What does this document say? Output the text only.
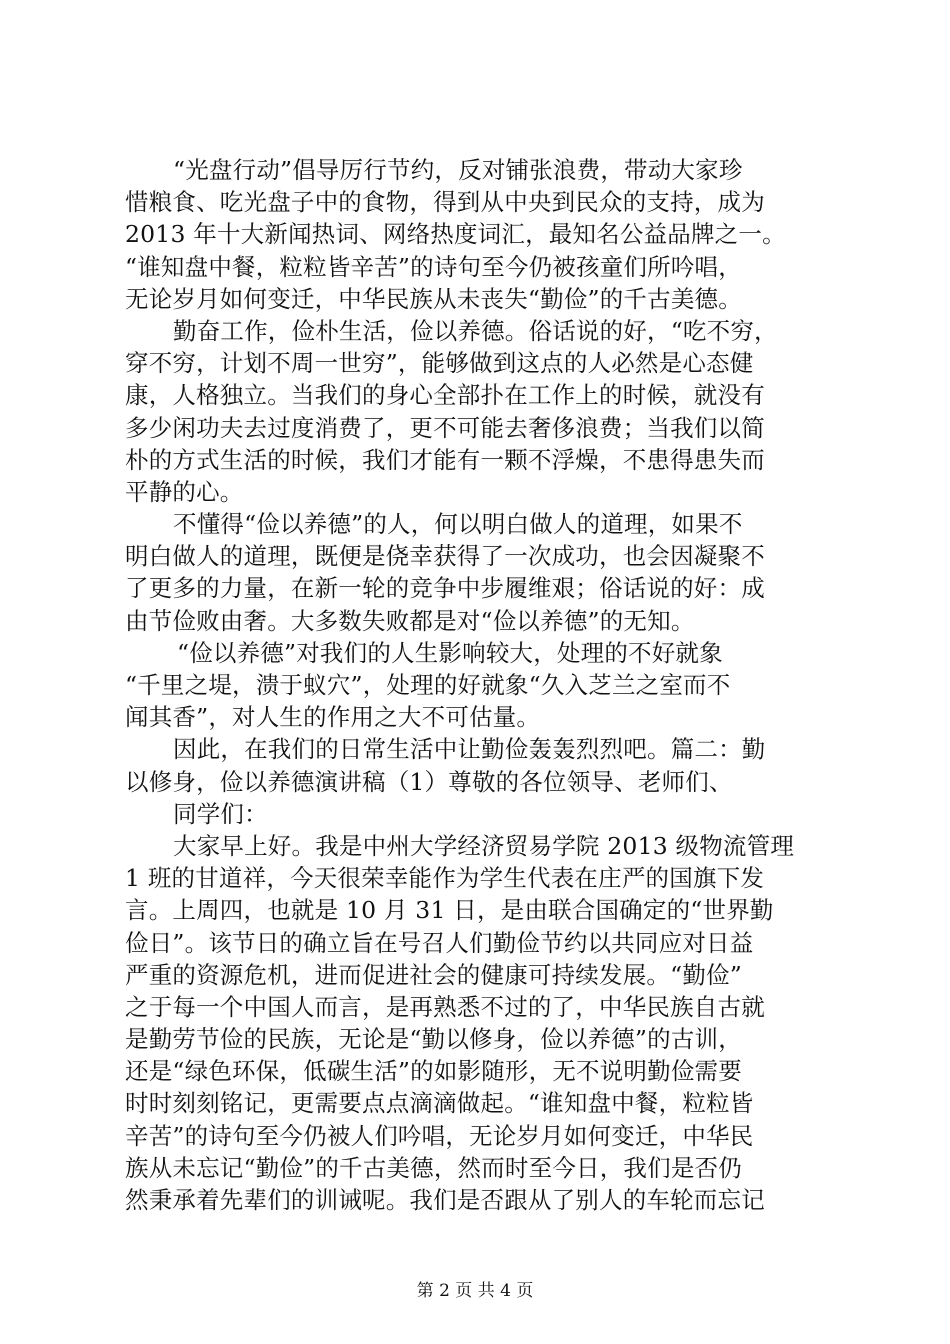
“光盘行动”倡导厉行节约，反对铺张浪费，带动大家珍
惜粮食、吃光盘子中的食物，得到从中央到民众的支持，成为
2013 年十大新闻热词、网络热度词汇，最知名公益品牌之一。
“谁知盘中餐，粒粒皆辛苦”的诗句至今仍被孩童们所吟唱，
无论岁月如何变迁，中华民族从未丧失“勤俭”的千古美德。
勤奋工作，俭朴生活，俭以养德。俗话说的好，“吃不穷，
穿不穷，计划不周一世穷”，能够做到这点的人必然是心态健
康，人格独立。当我们的身心全部扑在工作上的时候，就没有
多少闲功夫去过度消费了，更不可能去奢侈浪费；当我们以简
朴的方式生活的时候，我们才能有一颗不浮燥，不患得患失而
平静的心。
不懂得“俭以养德”的人，何以明白做人的道理，如果不
明白做人的道理，既便是侥幸获得了一次成功，也会因凝聚不
了更多的力量，在新一轮的竞争中步履维艰；俗话说的好：成
由节俭败由奢。大多数失败都是对“俭以养德”的无知。
“俭以养德”对我们的人生影响较大，处理的不好就象
“千里之堤，溃于蚁穴”，处理的好就象“久入芝兰之室而不
闻其香”，对人生的作用之大不可估量。
因此，在我们的日常生活中让勤俭轰轰烈烈吧。篇二：勤
以修身，俭以养德演讲稿（1）尊敬的各位领导、老师们、
同学们：
大家早上好。我是中州大学经济贸易学院 2013 级物流管理
1 班的甘道祥，今天很荣幸能作为学生代表在庄严的国旗下发
言。上周四，也就是 10 月 31 日，是由联合国确定的“世界勤
俭日”。该节日的确立旨在号召人们勤俭节约以共同应对日益
严重的资源危机，进而促进社会的健康可持续发展。“勤俭”
之于每一个中国人而言，是再熟悉不过的了，中华民族自古就
是勤劳节俭的民族，无论是“勤以修身，俭以养德”的古训，
还是“绿色环保，低碳生活”的如影随形，无不说明勤俭需要
时时刻刻铭记，更需要点点滴滴做起。“谁知盘中餐，粒粒皆
辛苦”的诗句至今仍被人们吟唱，无论岁月如何变迁，中华民
族从未忘记“勤俭”的千古美德，然而时至今日，我们是否仍
然秉承着先辈们的训诫呢。我们是否跟从了别人的车轮而忘记
第 2 页 共 4 页
